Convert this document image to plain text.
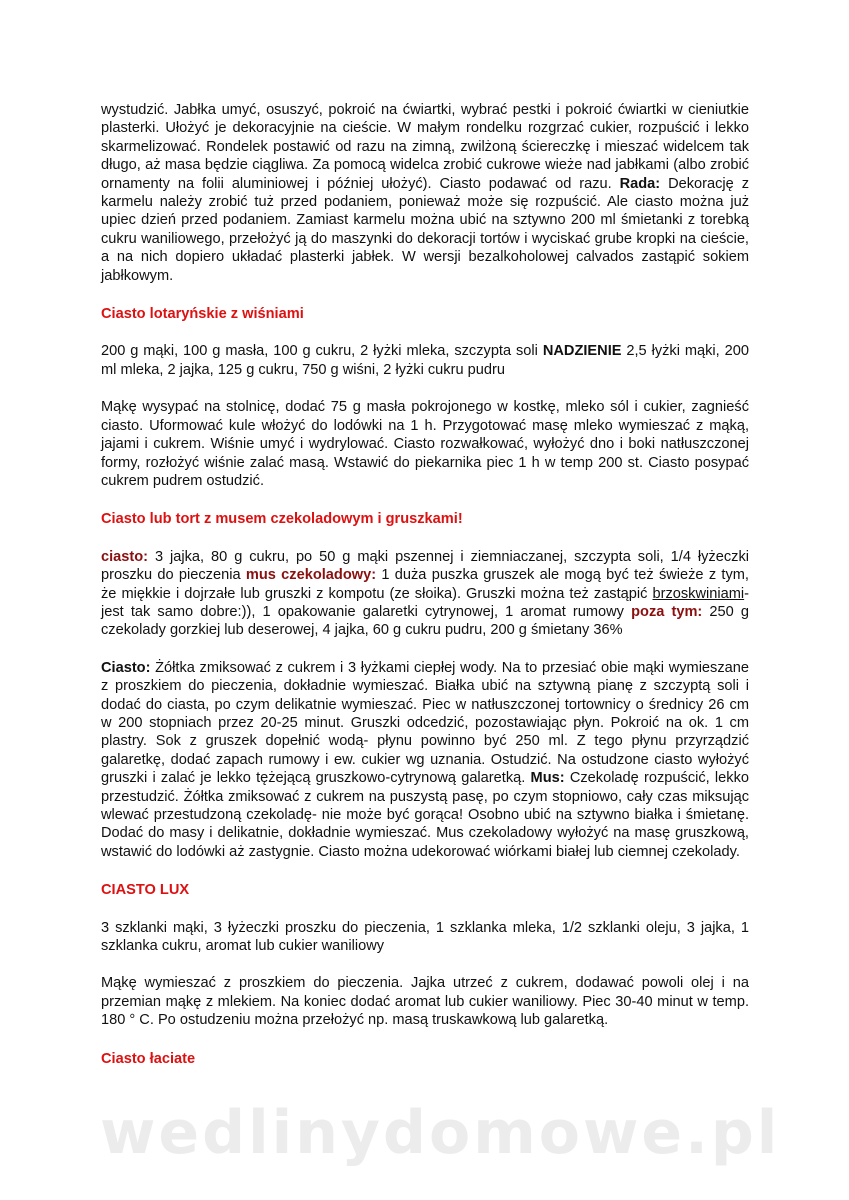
wystudzić. Jabłka umyć, osuszyć, pokroić na ćwiartki, wybrać pestki i pokroić ćwiartki w cieniutkie plasterki. Ułożyć je dekoracyjnie na cieście. W małym rondelku rozgrzać cukier, rozpuścić i lekko skarmelizować. Rondelek postawić od razu na zimną, zwilżoną ściereczkę i mieszać widelcem tak długo, aż masa będzie ciągliwa. Za pomocą widelca zrobić cukrowe wieże nad jabłkami (albo zrobić ornamenty na folii aluminiowej i później ułożyć). Ciasto podawać od razu. Rada: Dekorację z karmelu należy zrobić tuż przed podaniem, ponieważ może się rozpuścić. Ale ciasto można już upiec dzień przed podaniem. Zamiast karmelu można ubić na sztywno 200 ml śmietanki z torebką cukru waniliowego, przełożyć ją do maszynki do dekoracji tortów i wyciskać grube kropki na cieście, a na nich dopiero układać plasterki jabłek. W wersji bezalkoholowej calvados zastąpić sokiem jabłkowym.

Ciasto lotaryńskie z wiśniami

200 g mąki, 100 g masła, 100 g cukru, 2 łyżki mleka, szczypta soli NADZIENIE 2,5 łyżki mąki, 200 ml mleka, 2 jajka, 125 g cukru, 750 g wiśni, 2 łyżki cukru pudru

Mąkę wysypać na stolnicę, dodać 75 g masła pokrojonego w kostkę, mleko sól i cukier, zagnieść ciasto. Uformować kule włożyć do lodówki na 1 h. Przygotować masę mleko wymieszać z mąką, jajami i cukrem. Wiśnie umyć i wydrylować. Ciasto rozwałkować, wyłożyć dno i boki natłuszczonej formy, rozłożyć wiśnie zalać masą. Wstawić do piekarnika piec 1 h w temp 200 st. Ciasto posypać cukrem pudrem ostudzić.

Ciasto lub tort z musem czekoladowym i gruszkami!

ciasto: 3 jajka, 80 g cukru, po 50 g mąki pszennej i ziemniaczanej, szczypta soli, 1/4 łyżeczki proszku do pieczenia mus czekoladowy: 1 duża puszka gruszek ale mogą być też świeże z tym, że miękkie i dojrzałe lub gruszki z kompotu (ze słoika). Gruszki można też zastąpić brzoskwiniami- jest tak samo dobre:)), 1 opakowanie galaretki cytrynowej, 1 aromat rumowy poza tym: 250 g czekolady gorzkiej lub deserowej, 4 jajka, 60 g cukru pudru, 200 g śmietany 36%

Ciasto: Żółtka zmiksować z cukrem i 3 łyżkami ciepłej wody. Na to przesiać obie mąki wymieszane z proszkiem do pieczenia, dokładnie wymieszać. Białka ubić na sztywną pianę z szczyptą soli i dodać do ciasta, po czym delikatnie wymieszać. Piec w natłuszczonej tortownicy o średnicy 26 cm w 200 stopniach przez 20-25 minut. Gruszki odcedzić, pozostawiając płyn. Pokroić na ok. 1 cm plastry. Sok z gruszek dopełnić wodą- płynu powinno być 250 ml. Z tego płynu przyrządzić galaretkę, dodać zapach rumowy i ew. cukier wg uznania. Ostudzić. Na ostudzone ciasto wyłożyć gruszki i zalać je lekko tężejącą gruszkowo-cytrynową galaretką. Mus: Czekoladę rozpuścić, lekko przestudzić. Żółtka zmiksować z cukrem na puszystą pasę, po czym stopniowo, cały czas miksując wlewać przestudzoną czekoladę- nie może być gorąca! Osobno ubić na sztywno białka i śmietanę. Dodać do masy i delikatnie, dokładnie wymieszać. Mus czekoladowy wyłożyć na masę gruszkową, wstawić do lodówki aż zastygnie. Ciasto można udekorować wiórkami białej lub ciemnej czekolady.

CIASTO LUX

3 szklanki mąki, 3 łyżeczki proszku do pieczenia, 1 szklanka mleka, 1/2 szklanki oleju, 3 jajka, 1 szklanka cukru, aromat lub cukier waniliowy

Mąkę wymieszać z proszkiem do pieczenia. Jajka utrzeć z cukrem, dodawać powoli olej i na przemian mąkę z mlekiem. Na koniec dodać aromat lub cukier waniliowy. Piec 30-40 minut w temp. 180 ° C. Po ostudzeniu można przełożyć np. masą truskawkową lub galaretką.

Ciasto łaciate
wedlinydomowe.pl
